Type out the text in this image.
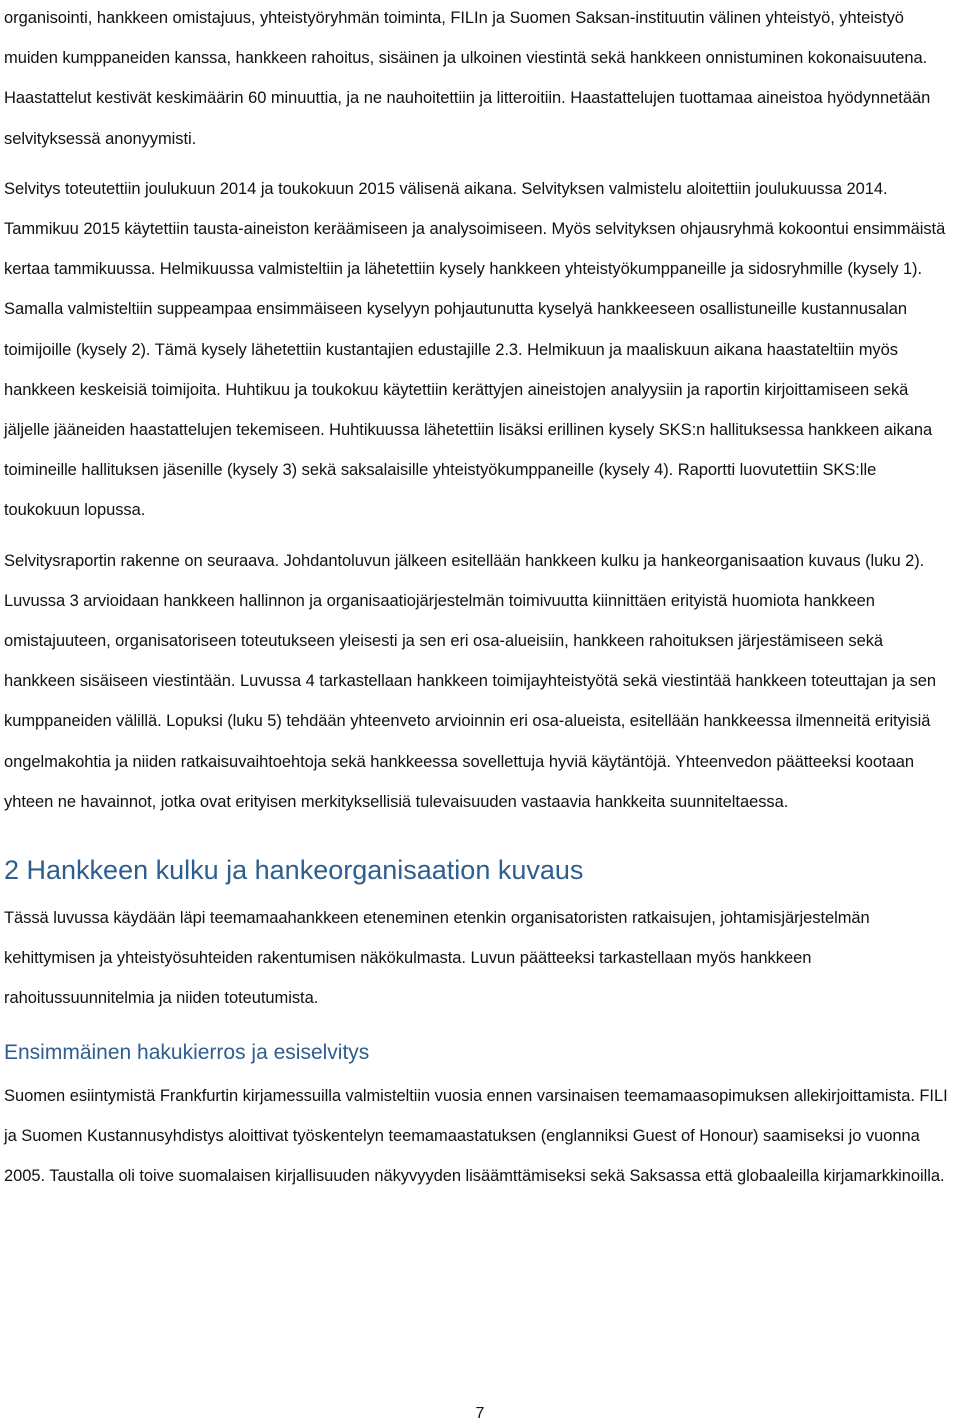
organisointi, hankkeen omistajuus, yhteistyöryhmän toiminta, FILIn ja Suomen Saksan-instituutin välinen yhteistyö, yhteistyö muiden kumppaneiden kanssa, hankkeen rahoitus, sisäinen ja ulkoinen viestintä sekä hankkeen onnistuminen kokonaisuutena. Haastattelut kestivät keskimäärin 60 minuuttia, ja ne nauhoitettiin ja litteroitiin. Haastattelujen tuottamaa aineistoa hyödynnetään selvityksessä anonyymisti.

Selvitys toteutettiin joulukuun 2014 ja toukokuun 2015 välisenä aikana. Selvityksen valmistelu aloitettiin joulukuussa 2014. Tammikuu 2015 käytettiin tausta-aineiston keräämiseen ja analysoimiseen. Myös selvityksen ohjausryhmä kokoontui ensimmäistä kertaa tammikuussa. Helmikuussa valmisteltiin ja lähetettiin kysely hankkeen yhteistyökumppaneille ja sidosryhmille (kysely 1). Samalla valmisteltiin suppeampaa ensimmäiseen kyselyyn pohjautunutta kyselyä hankkeeseen osallistuneille kustannusalan toimijoille (kysely 2). Tämä kysely lähetettiin kustantajien edustajille 2.3. Helmikuun ja maaliskuun aikana haastateltiin myös hankkeen keskeisiä toimijoita. Huhtikuu ja toukokuu käytettiin kerättyjen aineistojen analyysiin ja raportin kirjoittamiseen sekä jäljelle jääneiden haastattelujen tekemiseen. Huhtikuussa lähetettiin lisäksi erillinen kysely SKS:n hallituksessa hankkeen aikana toimineille hallituksen jäsenille (kysely 3) sekä saksalaisille yhteistyökumppaneille (kysely 4). Raportti luovutettiin SKS:lle toukokuun lopussa.

Selvitysraportin rakenne on seuraava. Johdantoluvun jälkeen esitellään hankkeen kulku ja hankeorganisaation kuvaus (luku 2). Luvussa 3 arvioidaan hankkeen hallinnon ja organisaatiojärjestelmän toimivuutta kiinnittäen erityistä huomiota hankkeen omistajuuteen, organisatoriseen toteutukseen yleisesti ja sen eri osa-alueisiin, hankkeen rahoituksen järjestämiseen sekä hankkeen sisäiseen viestintään. Luvussa 4 tarkastellaan hankkeen toimijayhteistyötä sekä viestintää hankkeen toteuttajan ja sen kumppaneiden välillä. Lopuksi (luku 5) tehdään yhteenveto arvioinnin eri osa-alueista, esitellään hankkeessa ilmenneitä erityisiä ongelmakohtia ja niiden ratkaisuvaihtoehtoja sekä hankkeessa sovellettuja hyviä käytäntöjä. Yhteenvedon päätteeksi kootaan yhteen ne havainnot, jotka ovat erityisen merkityksellisiä tulevaisuuden vastaavia hankkeita suunniteltaessa.

2 Hankkeen kulku ja hankeorganisaation kuvaus

Tässä luvussa käydään läpi teemamaahankkeen eteneminen etenkin organisatoristen ratkaisujen, johtamisjärjestelmän kehittymisen ja yhteistyösuhteiden rakentumisen näkökulmasta. Luvun päätteeksi tarkastellaan myös hankkeen rahoitussuunnitelmia ja niiden toteutumista.

Ensimmäinen hakukierros ja esiselvitys

Suomen esiintymistä Frankfurtin kirjamessuilla valmisteltiin vuosia ennen varsinaisen teemamaasopimuksen allekirjoittamista. FILI ja Suomen Kustannusyhdistys aloittivat työskentelyn teemamaastatuksen (englanniksi Guest of Honour) saamiseksi jo vuonna 2005. Taustalla oli toive suomalaisen kirjallisuuden näkyvyyden lisäämttämiseksi sekä Saksassa että globaaleilla kirjamarkkinoilla.

7
